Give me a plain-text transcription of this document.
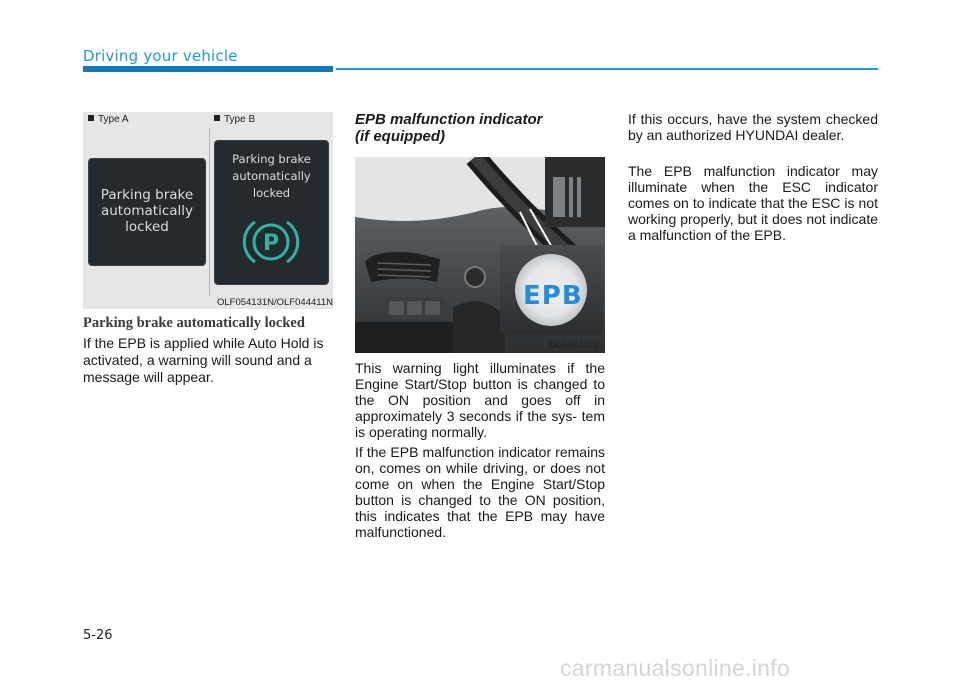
Driving your vehicle
Type A	Type B
Parking brake
automatically
locked
Parking brake
automatically
locked
P
OLF054131N/OLF044411N
Parking brake automatically locked

If the EPB is applied while Auto Hold is activated, a warning will sound and a message will appear.

EPB malfunction indicator
(if equipped)
EPB
OLF054022

This warning light illuminates if the Engine Start/Stop button is changed to the ON position and goes off in approximately 3 seconds if the sys- tem is operating normally.

If the EPB malfunction indicator remains on, comes on while driving, or does not come on when the Engine Start/Stop button is changed to the ON position, this indicates that the EPB may have malfunctioned.

If this occurs, have the system checked by an authorized HYUNDAI dealer.

The EPB malfunction indicator may illuminate when the ESC indicator comes on to indicate that the ESC is not working properly, but it does not indicate a malfunction of the EPB.

5-26
carmanualsonline.info
